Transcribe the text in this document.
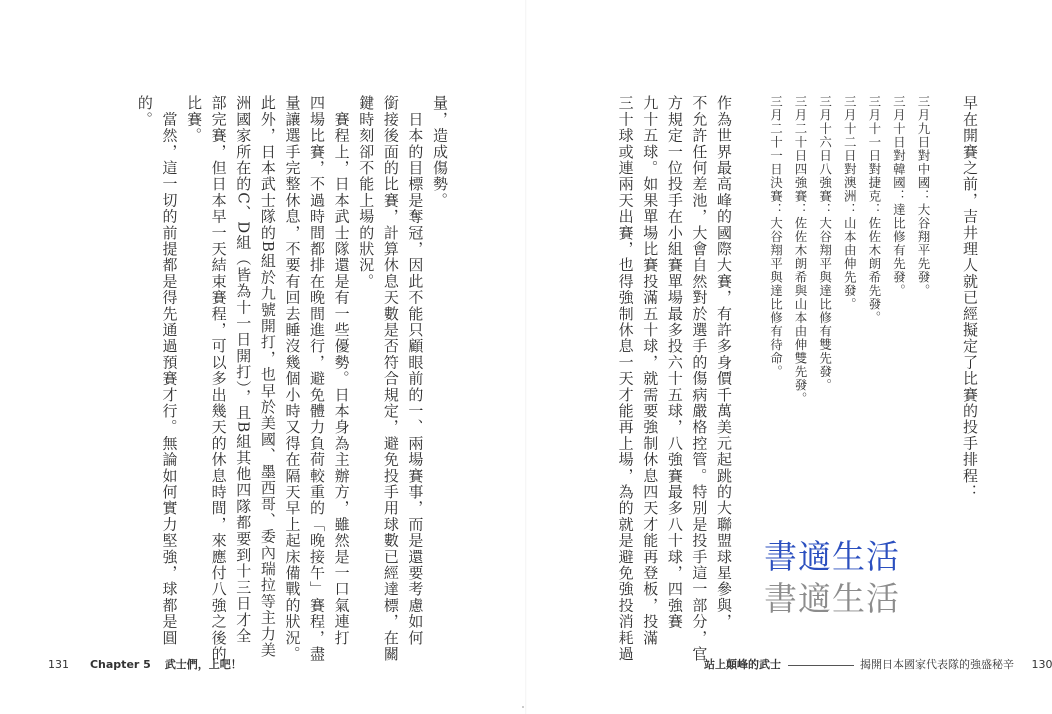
量，造成傷勢。

　日本的目標是奪冠，因此不能只顧眼前的一、兩場賽事，而是還要考慮如何

銜接後面的比賽，計算休息天數是否符合規定，避免投手用球數已經達標，在關

鍵時刻卻不能上場的狀況。

　賽程上，日本武士隊還是有一些優勢。日本身為主辦方，雖然是一口氣連打

四場比賽，不過時間都排在晚間進行，避免體力負荷較重的「晚接午」賽程，盡

量讓選手完整休息，不要有回去睡沒幾個小時又得在隔天早上起床備戰的狀況。

此外，日本武士隊的B組於九號開打，也早於美國、墨西哥、委內瑞拉等主力美

洲國家所在的C、D組（皆為十一日開打），且B組其他四隊都要到十三日才全

部完賽，但日本早一天結束賽程，可以多出幾天的休息時間，來應付八強之後的

比賽。

　當然，這一切的前提都是得先通過預賽才行。無論如何實力堅強，球都是圓

的。

131 Chapter 5 武士們，上吧！

作為世界最高峰的國際大賽，有許多身價千萬美元起跳的大聯盟球星參與，

不允許任何差池，大會自然對於選手的傷病嚴格控管。特別是投手這一部分，官

方規定一位投手在小組賽單場最多投六十五球，八強賽最多八十球，四強賽

九十五球。如果單場比賽投滿五十球，就需要強制休息四天才能再登板，投滿

三十球或連兩天出賽，也得強制休息一天才能再上場，為的就是避免強投消耗過	三月九日對中國：大谷翔平先發。
三月十日對韓國：達比修有先發。
三月十一日對捷克：佐佐木朗希先發。
三月十二日對澳洲：山本由伸先發。
三月十六日八強賽：大谷翔平與達比修有雙先發。
三月二十日四強賽：佐佐木朗希與山本由伸雙先發。
三月二十一日決賽：大谷翔平與達比修有待命。	早在開賽之前，吉井理人就已經擬定了比賽的投手排程：

站上顛峰的武士	揭開日本國家代表隊的強盛秘辛 130
書適生活
書適生活
